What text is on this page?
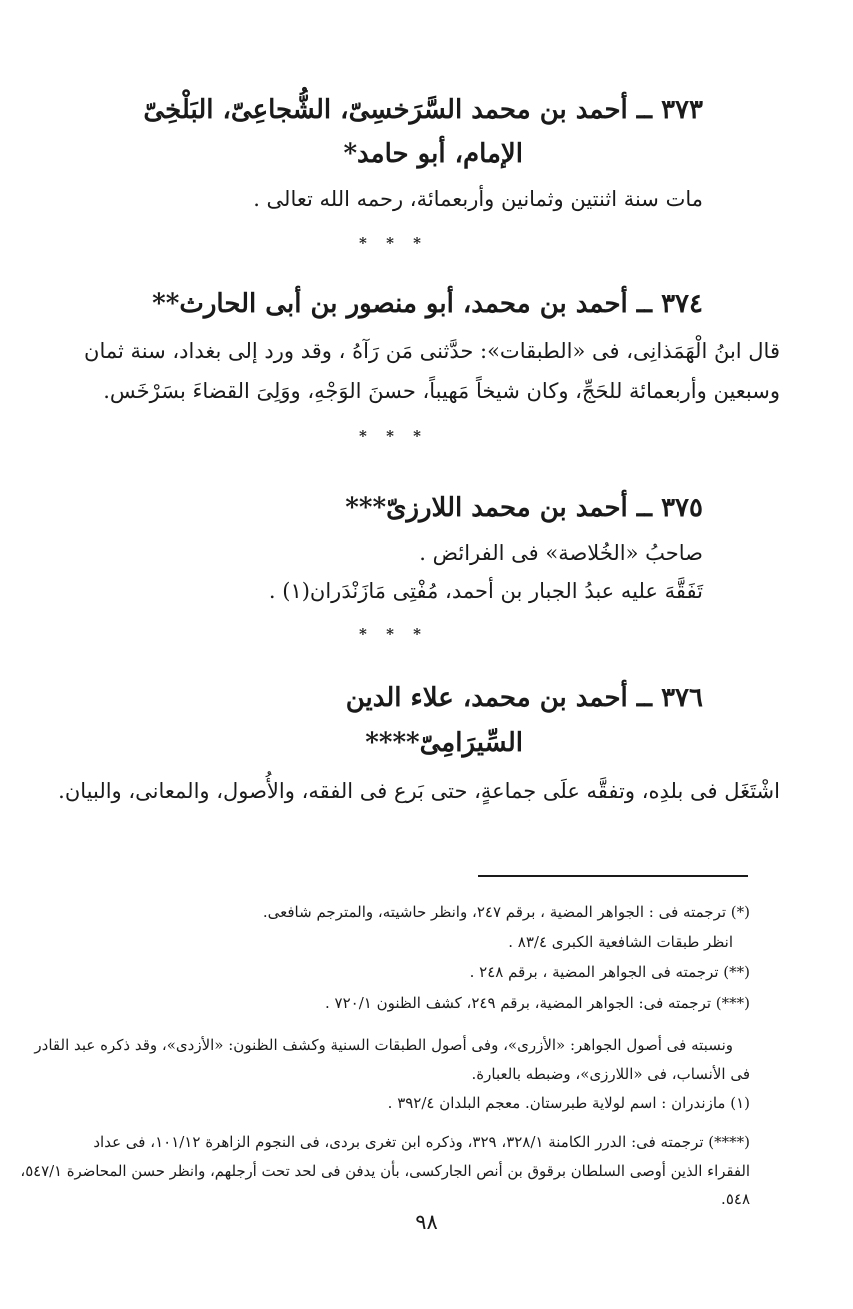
٣٧٣ ــ أحمد بن محمد السَّرَخسِىّ، الشُّجاعِىّ، البَلْخِىّ
الإمام، أبو حامد*
مات سنة اثنتين وثمانين وأربعمائة، رحمه الله تعالى .
* * *
٣٧٤ ــ أحمد بن محمد، أبو منصور بن أبى الحارث**
قال ابنُ الْهَمَذانِى، فى «الطبقات»: حدَّثنى مَن رَآهُ ، وقد ورد إلى بغداد، سنة ثمان
وسبعين وأربعمائة للحَجِّ، وكان شيخاً مَهيباً، حسنَ الوَجْهِ، ووَلِىَ القضاءَ بسَرْخَس.
* * *
٣٧٥ ــ أحمد بن محمد اللارزىّ***
صاحبُ «الخُلاصة» فى الفرائض .
تَفَقَّهَ عليه عبدُ الجبار بن أحمد، مُفْتِى مَازَنْدَران(١) .
* * *
٣٧٦ ــ أحمد بن محمد، علاء الدين
السِّيرَامِىّ****
اشْتَغَل فى بلدِه، وتفقَّه علَى جماعةٍ، حتى بَرع فى الفقه، والأُصول، والمعانى، والبيان.
(*) ترجمته فى : الجواهر المضية ، برقم ٢٤٧، وانظر حاشيته، والمترجم شافعى.
انظر طبقات الشافعية الكبرى ٨٣/٤ .
(**) ترجمته فى الجواهر المضية ، برقم ٢٤٨ .
(***) ترجمته فى: الجواهر المضية، برقم ٢٤٩، كشف الظنون ٧٢٠/١ .
ونسبته فى أصول الجواهر: «الأزرى»، وفى أصول الطبقات السنية وكشف الظنون: «الأزدى»، وقد ذكره عبد القادر
فى الأنساب، فى «اللارزى»، وضبطه بالعبارة.
(١) مازندران : اسم لولاية طبرستان. معجم البلدان ٣٩٢/٤ .
(****) ترجمته فى: الدرر الكامنة ٣٢٨/١، ٣٢٩، وذكره ابن تغرى بردى، فى النجوم الزاهرة ١٠١/١٢، فى عداد
الفقراء الذين أوصى السلطان برقوق بن أنص الجاركسى، بأن يدفن فى لحد تحت أرجلهم، وانظر حسن المحاضرة ٥٤٧/١،
٥٤٨.
٩٨
